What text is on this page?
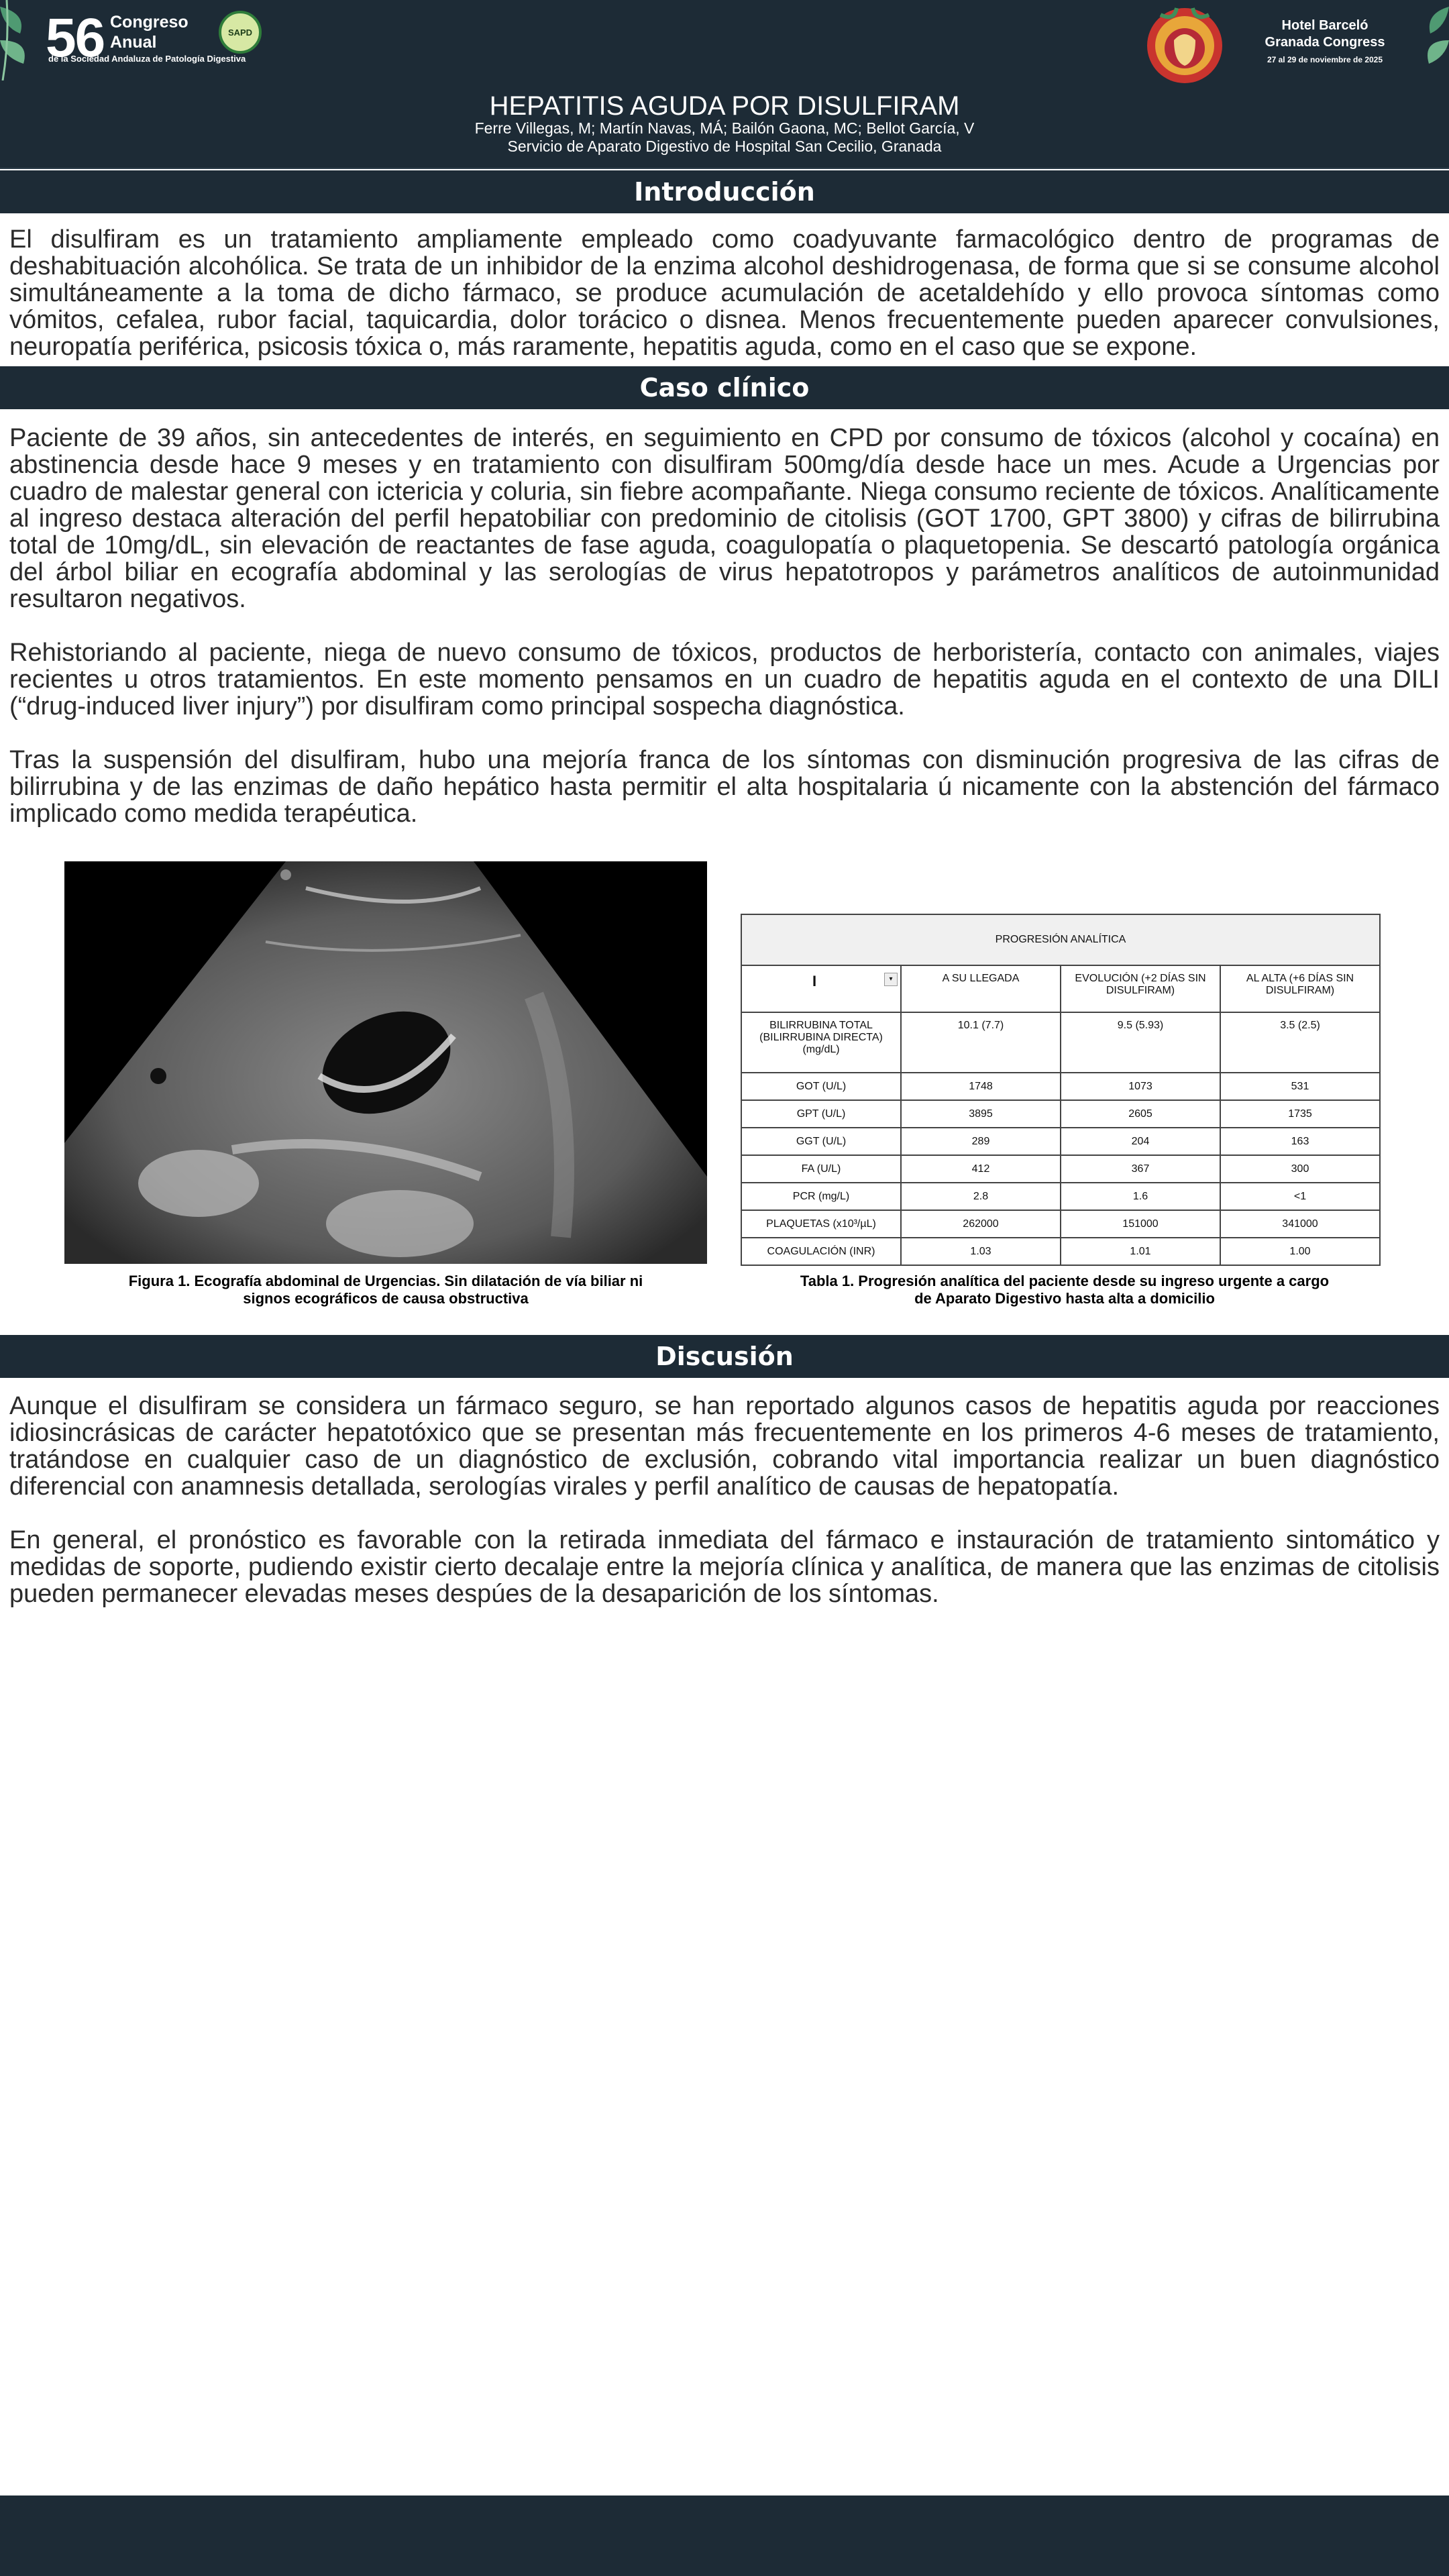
56 Congreso
Anual
SAPD
de la Sociedad Andaluza de Patología Digestiva
Hotel Barceló
Granada Congress
27 al 29 de noviembre de 2025
HEPATITIS AGUDA POR DISULFIRAM
Ferre Villegas, M; Martín Navas, MÁ; Bailón Gaona, MC; Bellot García, V
Servicio de Aparato Digestivo de Hospital San Cecilio, Granada
Introducción

El disulfiram es un tratamiento ampliamente empleado como coadyuvante farmacológico dentro de programas de deshabituación alcohólica. Se trata de un inhibidor de la enzima alcohol deshidrogenasa, de forma que si se consume alcohol simultáneamente a la toma de dicho fármaco, se produce acumulación de acetaldehído y ello provoca síntomas como vómitos, cefalea, rubor facial, taquicardia, dolor torácico o disnea. Menos frecuentemente pueden aparecer convulsiones, neuropatía periférica, psicosis tóxica o, más raramente, hepatitis aguda, como en el caso que se expone.

Caso clínico

Paciente de 39 años, sin antecedentes de interés, en seguimiento en CPD por consumo de tóxicos (alcohol y cocaína) en abstinencia desde hace 9 meses y en tratamiento con disulfiram 500mg/día desde hace un mes. Acude a Urgencias por cuadro de malestar general con ictericia y coluria, sin fiebre acompañante. Niega consumo reciente de tóxicos. Analíticamente al ingreso destaca alteración del perfil hepatobiliar con predominio de citolisis (GOT 1700, GPT 3800) y cifras de bilirrubina total de 10mg/dL, sin elevación de reactantes de fase aguda, coagulopatía o plaquetopenia. Se descartó patología orgánica del árbol biliar en ecografía abdominal y las serologías de virus hepatotropos y parámetros analíticos de autoinmunidad resultaron negativos.

Rehistoriando al paciente, niega de nuevo consumo de tóxicos, productos de herboristería, contacto con animales, viajes recientes u otros tratamientos. En este momento pensamos en un cuadro de hepatitis aguda en el contexto de una DILI (“drug-induced liver injury”) por disulfiram como principal sospecha diagnóstica.

Tras la suspensión del disulfiram, hubo una mejoría franca de los síntomas con disminución progresiva de las cifras de bilirrubina y de las enzimas de daño hepático hasta permitir el alta hospitalaria ú nicamente con la abstención del fármaco implicado como medida terapéutica.

Figura 1. Ecografía abdominal de Urgencias. Sin dilatación de vía biliar ni
signos ecográficos de causa obstructiva
PROGRESIÓN ANALÍTICA			
I ▾	A SU LLEGADA	EVOLUCIÓN (+2 DÍAS SIN DISULFIRAM)	AL ALTA (+6 DÍAS SIN DISULFIRAM)
BILIRRUBINA TOTAL (BILIRRUBINA DIRECTA) (mg/dL)	10.1 (7.7)	9.5 (5.93)	3.5 (2.5)
GOT (U/L)	1748	1073	531
GPT (U/L)	3895	2605	1735
GGT (U/L)	289	204	163
FA (U/L)	412	367	300
PCR (mg/L)	2.8	1.6	<1
PLAQUETAS (x10³/µL)	262000	151000	341000
COAGULACIÓN (INR)	1.03	1.01	1.00
Tabla 1. Progresión analítica del paciente desde su ingreso urgente a cargo
de Aparato Digestivo hasta alta a domicilio
Discusión

Aunque el disulfiram se considera un fármaco seguro, se han reportado algunos casos de hepatitis aguda por reacciones idiosincrásicas de carácter hepatotóxico que se presentan más frecuentemente en los primeros 4-6 meses de tratamiento, tratándose en cualquier caso de un diagnóstico de exclusión, cobrando vital importancia realizar un buen diagnóstico diferencial con anamnesis detallada, serologías virales y perfil analítico de causas de hepatopatía.

En general, el pronóstico es favorable con la retirada inmediata del fármaco e instauración de tratamiento sintomático y medidas de soporte, pudiendo existir cierto decalaje entre la mejoría clínica y analítica, de manera que las enzimas de citolisis pueden permanecer elevadas meses despúes de la desaparición de los síntomas.
